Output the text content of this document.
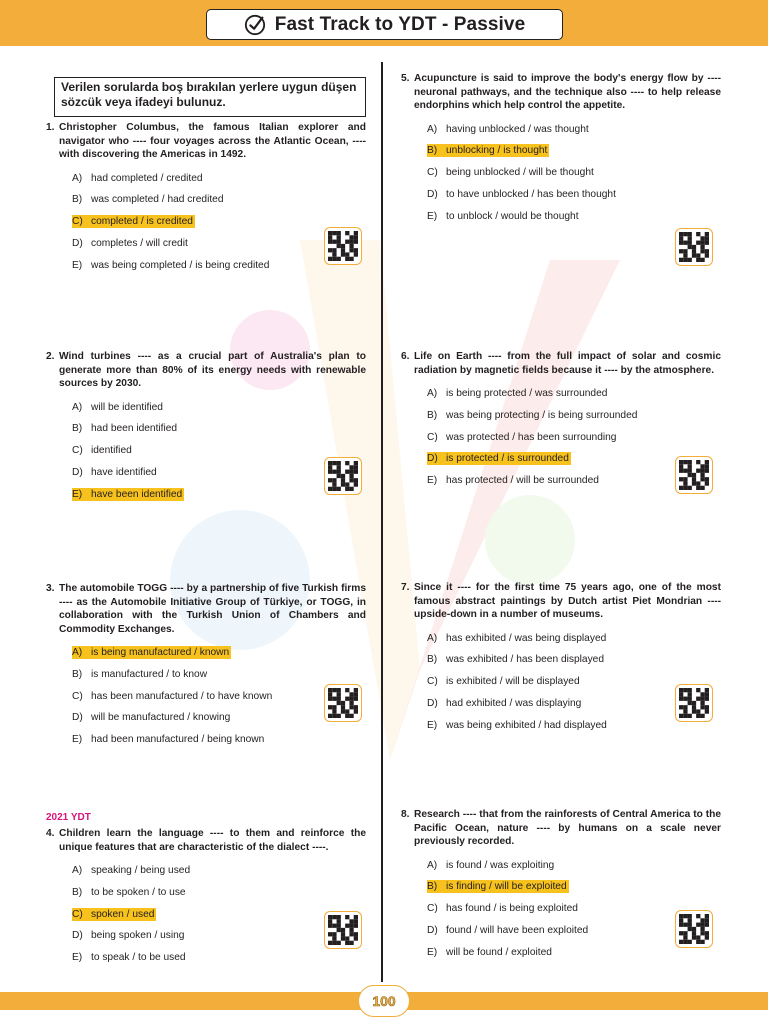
Fast Track to YDT - Passive
Verilen sorularda boş bırakılan yerlere uygun düşen sözcük veya ifadeyi bulunuz.
1. Christopher Columbus, the famous Italian explorer and navigator who ---- four voyages across the Atlantic Ocean, ---- with discovering the Americas in 1492.
A) had completed / credited
B) was completed / had credited
C) completed / is credited
D) completes / will credit
E) was being completed / is being credited
2. Wind turbines ---- as a crucial part of Australia's plan to generate more than 80% of its energy needs with renewable sources by 2030.
A) will be identified
B) had been identified
C) identified
D) have identified
E) have been identified
3. The automobile TOGG ---- by a partnership of five Turkish firms ---- as the Automobile Initiative Group of Türkiye, or TOGG, in collaboration with the Turkish Union of Chambers and Commodity Exchanges.
A) is being manufactured / known
B) is manufactured / to know
C) has been manufactured / to have known
D) will be manufactured / knowing
E) had been manufactured / being known
2021 YDT
4. Children learn the language ---- to them and reinforce the unique features that are characteristic of the dialect ----.
A) speaking / being used
B) to be spoken / to use
C) spoken / used
D) being spoken / using
E) to speak / to be used
5. Acupuncture is said to improve the body's energy flow by ---- neuronal pathways, and the technique also ---- to help release endorphins which help control the appetite.
A) having unblocked / was thought
B) unblocking / is thought
C) being unblocked / will be thought
D) to have unblocked / has been thought
E) to unblock / would be thought
6. Life on Earth ---- from the full impact of solar and cosmic radiation by magnetic fields because it ---- by the atmosphere.
A) is being protected / was surrounded
B) was being protecting / is being surrounded
C) was protected / has been surrounding
D) is protected / is surrounded
E) has protected / will be surrounded
7. Since it ---- for the first time 75 years ago, one of the most famous abstract paintings by Dutch artist Piet Mondrian ---- upside-down in a number of museums.
A) has exhibited / was being displayed
B) was exhibited / has been displayed
C) is exhibited / will be displayed
D) had exhibited / was displaying
E) was being exhibited / had displayed
8. Research ---- that from the rainforests of Central America to the Pacific Ocean, nature ---- by humans on a scale never previously recorded.
A) is found / was exploiting
B) is finding / will be exploited
C) has found / is being exploited
D) found / will have been exploited
E) will be found / exploited
100
